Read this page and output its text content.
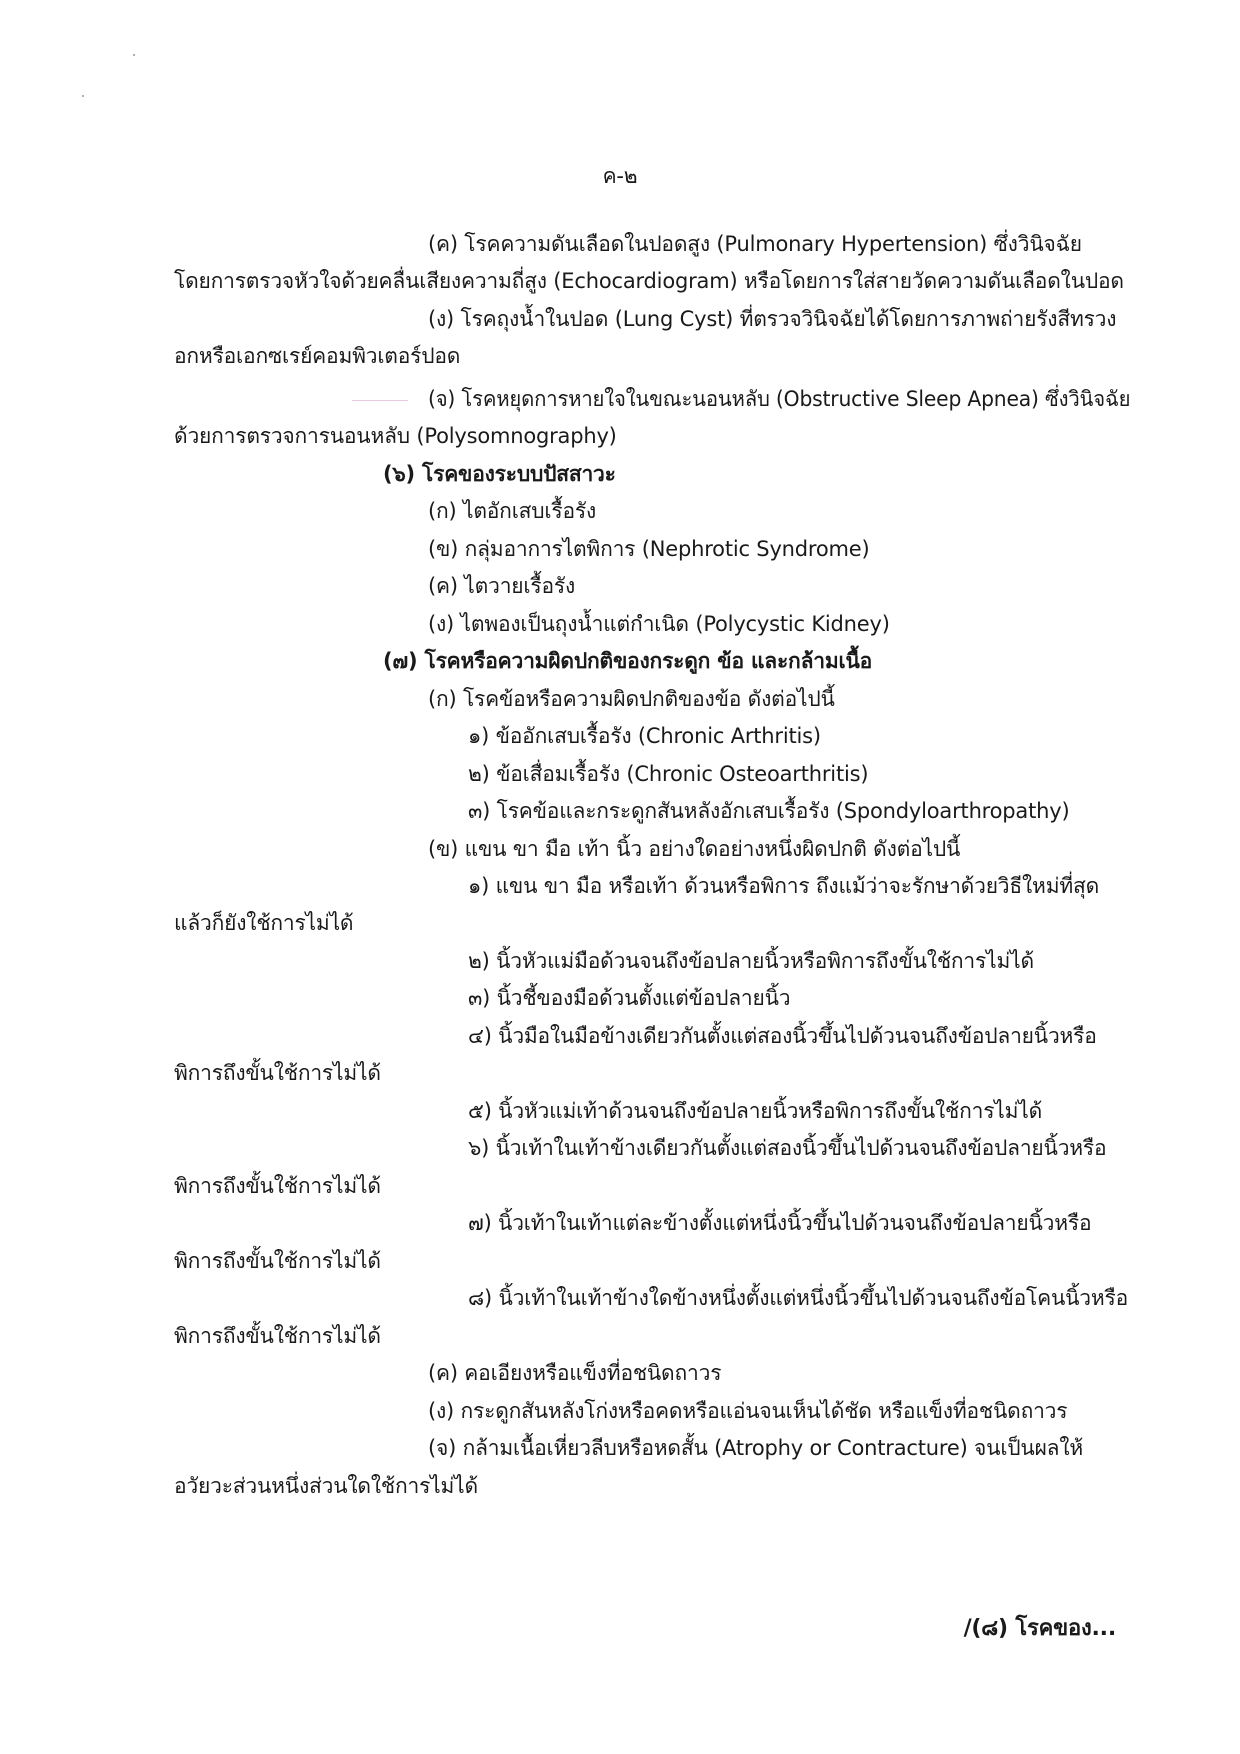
ค-๒
(ค) โรคความดันเลือดในปอดสูง (Pulmonary Hypertension) ซึ่งวินิจฉัย
โดยการตรวจหัวใจด้วยคลื่นเสียงความถี่สูง (Echocardiogram) หรือโดยการใส่สายวัดความดันเลือดในปอด
(ง) โรคถุงน้ำในปอด (Lung Cyst) ที่ตรวจวินิจฉัยได้โดยการภาพถ่ายรังสีทรวง
อกหรือเอกซเรย์คอมพิวเตอร์ปอด
(จ) โรคหยุดการหายใจในขณะนอนหลับ (Obstructive Sleep Apnea) ซึ่งวินิจฉัย
ด้วยการตรวจการนอนหลับ (Polysomnography)
(๖) โรคของระบบปัสสาวะ
(ก) ไตอักเสบเรื้อรัง
(ข) กลุ่มอาการไตพิการ (Nephrotic Syndrome)
(ค) ไตวายเรื้อรัง
(ง) ไตพองเป็นถุงน้ำแต่กำเนิด (Polycystic Kidney)
(๗) โรคหรือความผิดปกติของกระดูก ข้อ และกล้ามเนื้อ
(ก) โรคข้อหรือความผิดปกติของข้อ ดังต่อไปนี้
๑) ข้ออักเสบเรื้อรัง (Chronic Arthritis)
๒) ข้อเสื่อมเรื้อรัง (Chronic Osteoarthritis)
๓) โรคข้อและกระดูกสันหลังอักเสบเรื้อรัง (Spondyloarthropathy)
(ข) แขน ขา มือ เท้า นิ้ว อย่างใดอย่างหนึ่งผิดปกติ ดังต่อไปนี้
๑) แขน ขา มือ หรือเท้า ด้วนหรือพิการ ถึงแม้ว่าจะรักษาด้วยวิธีใหม่ที่สุด
แล้วก็ยังใช้การไม่ได้
๒) นิ้วหัวแม่มือด้วนจนถึงข้อปลายนิ้วหรือพิการถึงขั้นใช้การไม่ได้
๓) นิ้วชี้ของมือด้วนตั้งแต่ข้อปลายนิ้ว
๔) นิ้วมือในมือข้างเดียวกันตั้งแต่สองนิ้วขึ้นไปด้วนจนถึงข้อปลายนิ้วหรือ
พิการถึงขั้นใช้การไม่ได้
๕) นิ้วหัวแม่เท้าด้วนจนถึงข้อปลายนิ้วหรือพิการถึงขั้นใช้การไม่ได้
๖) นิ้วเท้าในเท้าข้างเดียวกันตั้งแต่สองนิ้วขึ้นไปด้วนจนถึงข้อปลายนิ้วหรือ
พิการถึงขั้นใช้การไม่ได้
๗) นิ้วเท้าในเท้าแต่ละข้างตั้งแต่หนึ่งนิ้วขึ้นไปด้วนจนถึงข้อปลายนิ้วหรือ
พิการถึงขั้นใช้การไม่ได้
๘) นิ้วเท้าในเท้าข้างใดข้างหนึ่งตั้งแต่หนึ่งนิ้วขึ้นไปด้วนจนถึงข้อโคนนิ้วหรือ
พิการถึงขั้นใช้การไม่ได้
(ค) คอเอียงหรือแข็งที่อชนิดถาวร
(ง) กระดูกสันหลังโก่งหรือคดหรือแอ่นจนเห็นได้ชัด หรือแข็งที่อชนิดถาวร
(จ) กล้ามเนื้อเหี่ยวลีบหรือหดสั้น (Atrophy or Contracture) จนเป็นผลให้
อวัยวะส่วนหนึ่งส่วนใดใช้การไม่ได้
/(๘) โรคของ...
